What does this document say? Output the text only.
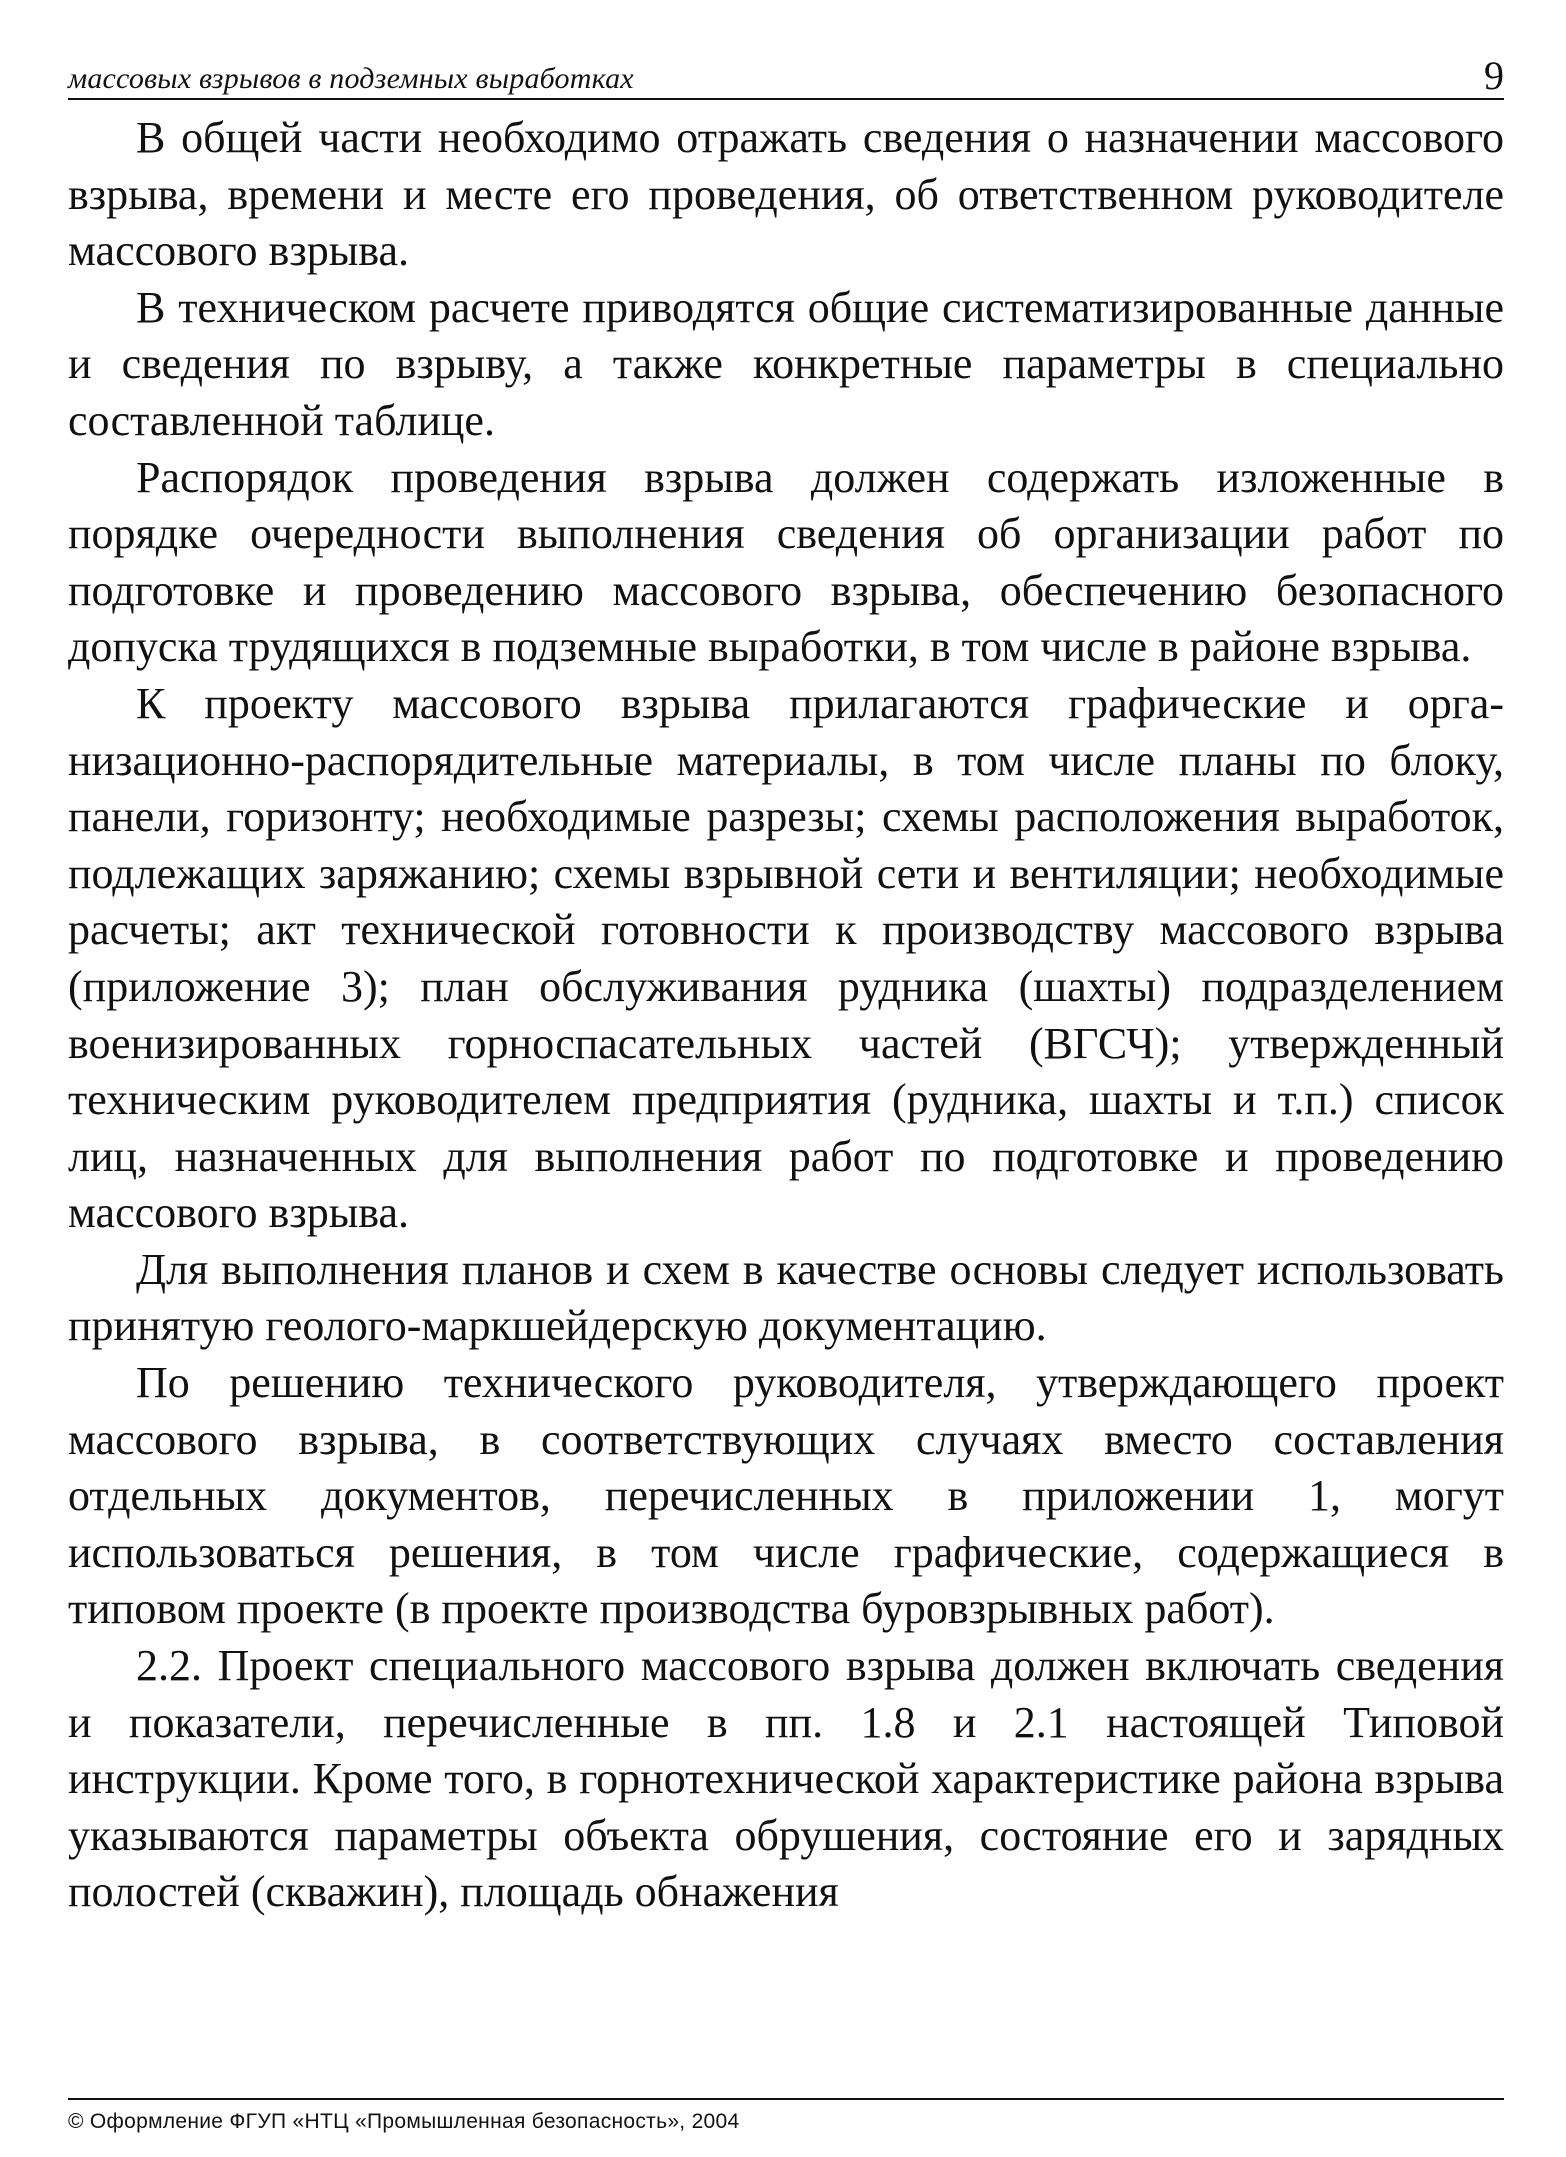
массовых взрывов в подземных выработках	9

В общей части необходимо отражать сведения о назначении массового взрыва, времени и месте его проведения, об ответственном руководителе массового взрыва.

В техническом расчете приводятся общие систематизированные данные и сведения по взрыву, а также конкретные параметры в специально составленной таблице.

Распорядок проведения взрыва должен содержать изложенные в порядке очередности выполнения сведения об организации работ по подготовке и проведению массового взрыва, обеспечению безопасного допуска трудящихся в подземные выработки, в том числе в районе взрыва.

К проекту массового взрыва прилагаются графические и организационно-распорядительные материалы, в том числе планы по блоку, панели, горизонту; необходимые разрезы; схемы расположения выработок, подлежащих заряжанию; схемы взрывной сети и вентиляции; необходимые расчеты; акт технической готовности к производству массового взрыва (приложение 3); план обслуживания рудника (шахты) подразделением военизированных горноспасательных частей (ВГСЧ); утвержденный техническим руководителем предприятия (рудника, шахты и т.п.) список лиц, назначенных для выполнения работ по подготовке и проведению массового взрыва.

Для выполнения планов и схем в качестве основы следует использовать принятую геолого-маркшейдерскую документацию.

По решению технического руководителя, утверждающего проект массового взрыва, в соответствующих случаях вместо составления отдельных документов, перечисленных в приложении 1, могут использоваться решения, в том числе графические, содержащиеся в типовом проекте (в проекте производства буровзрывных работ).

2.2. Проект специального массового взрыва должен включать сведения и показатели, перечисленные в пп. 1.8 и 2.1 настоящей Типовой инструкции. Кроме того, в горнотехнической характеристике района взрыва указываются параметры объекта обрушения, состояние его и зарядных полостей (скважин), площадь обнажения

© Оформление ФГУП «НТЦ «Промышленная безопасность», 2004
